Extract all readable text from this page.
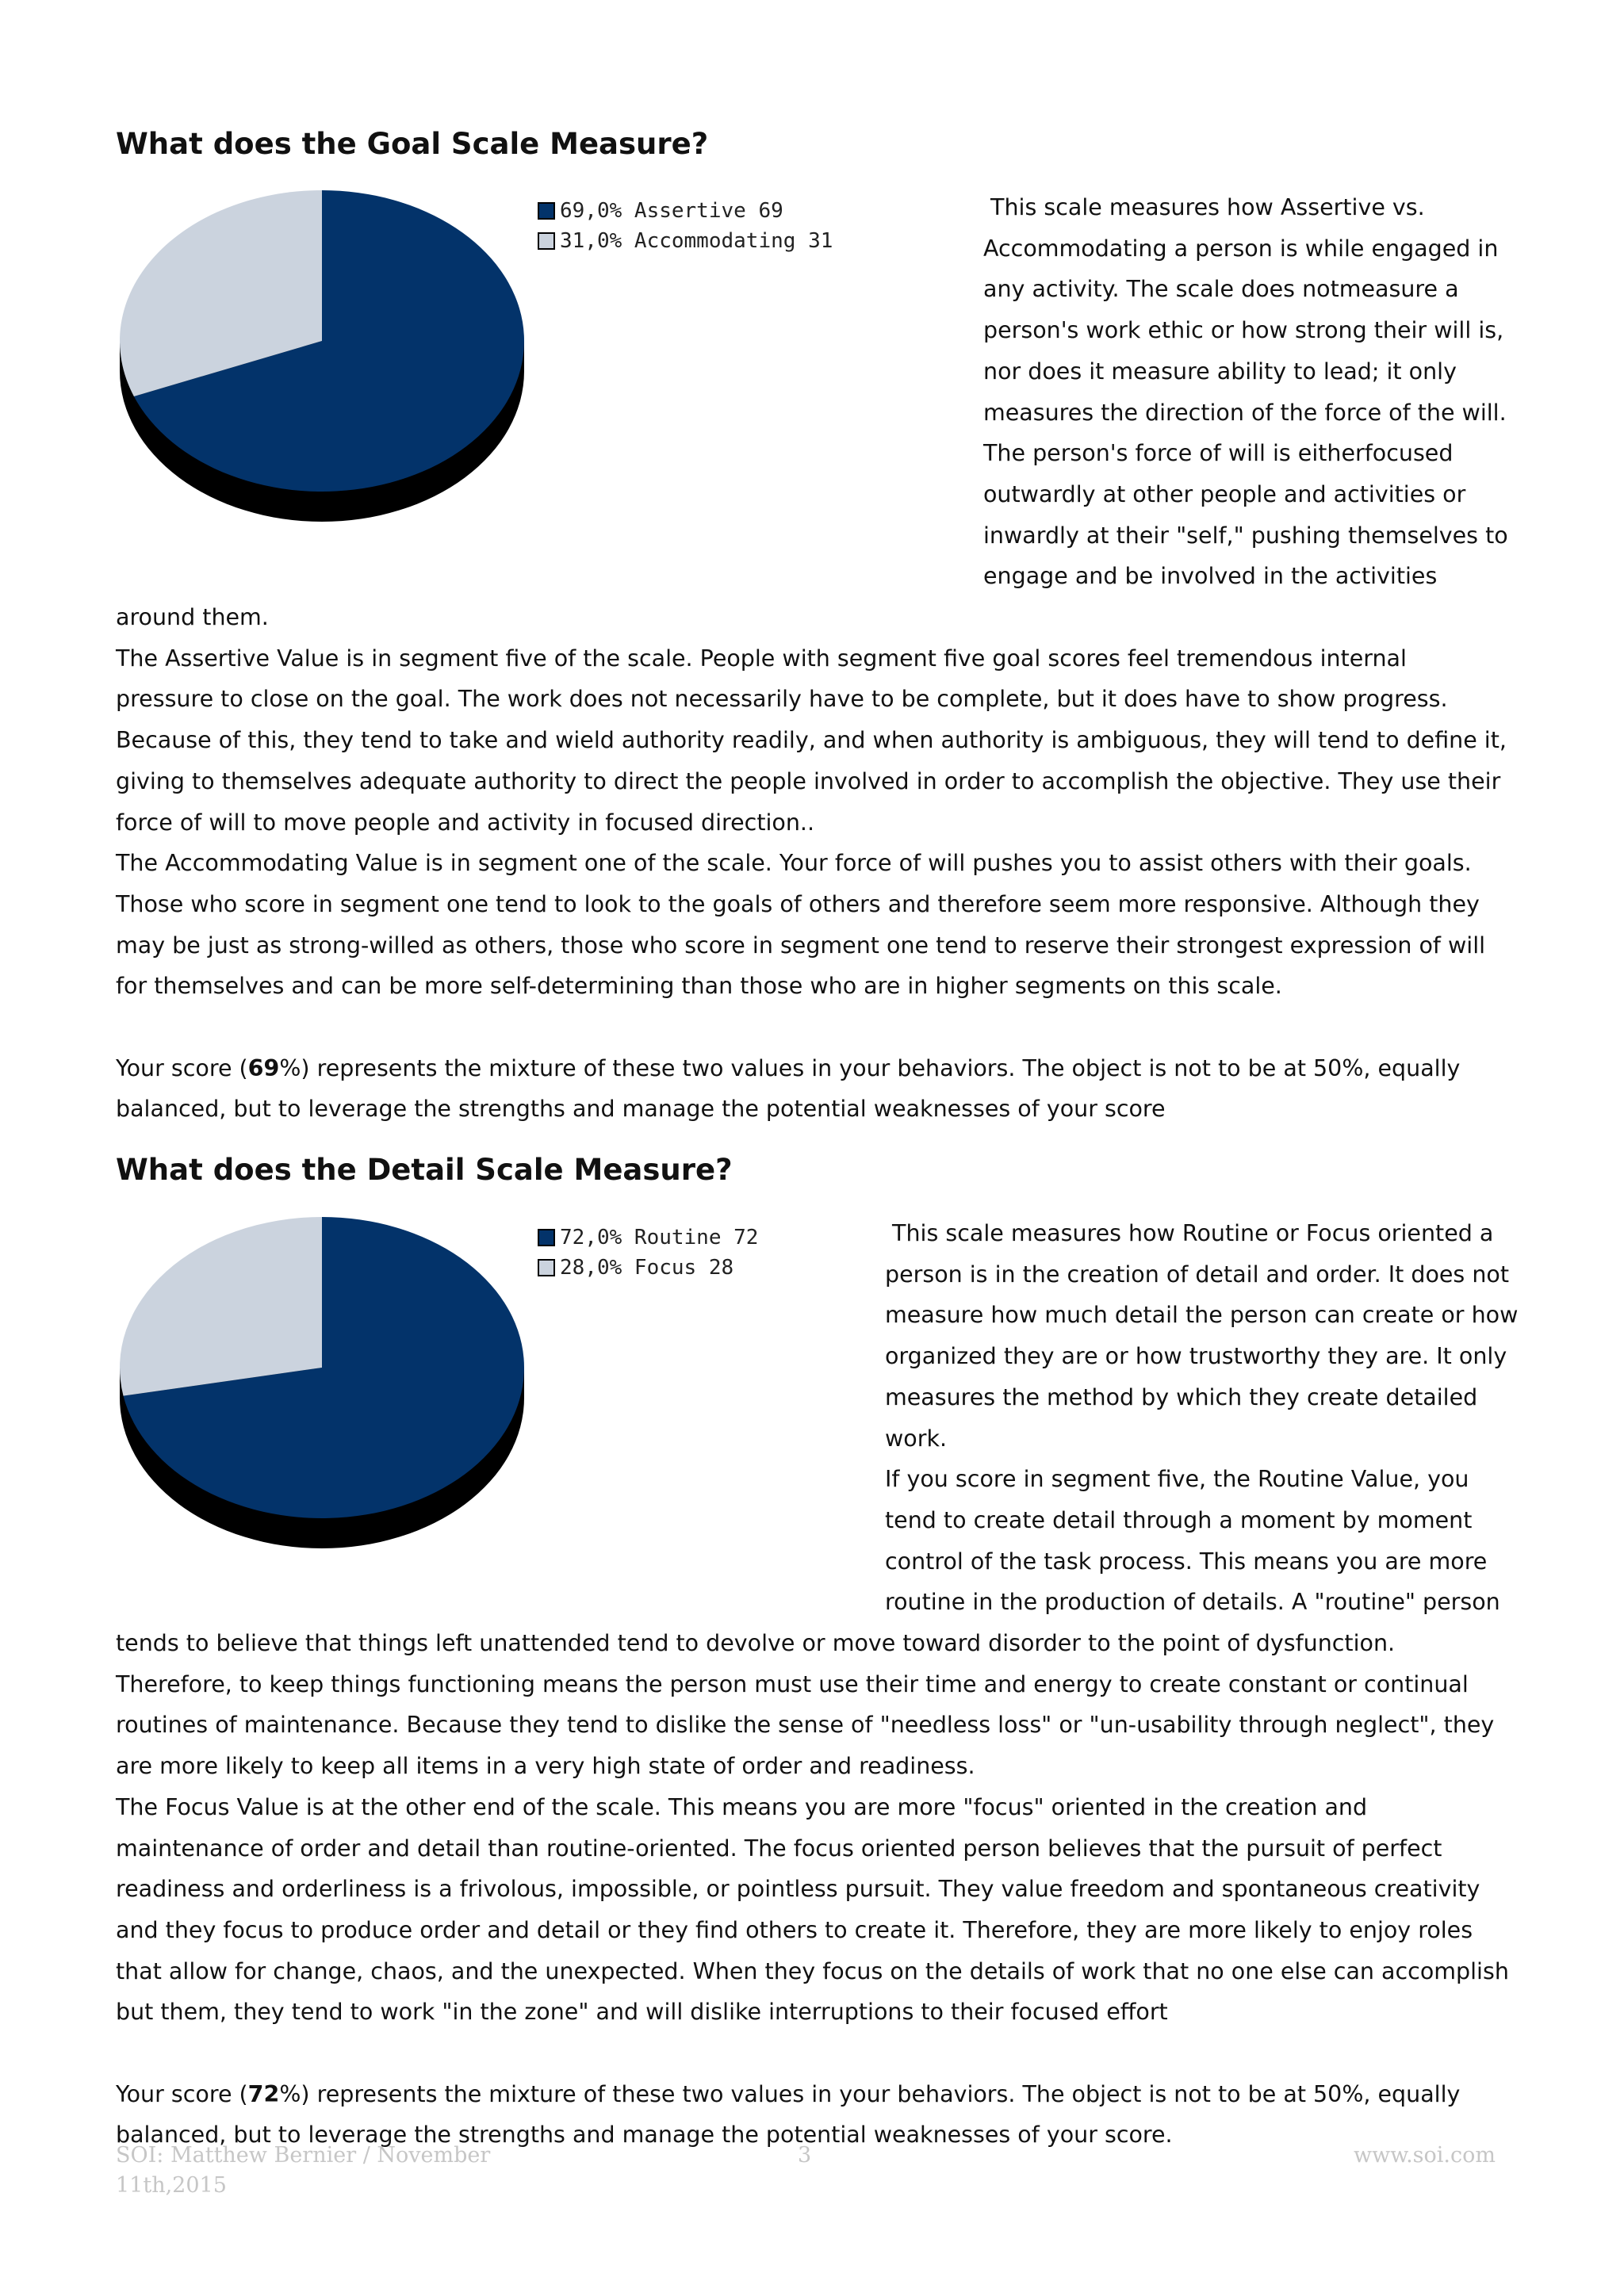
What does the Goal Scale Measure?
69,0% Assertive 69
31,0% Accommodating 31
This scale measures how Assertive vs.
Accommodating a person is while engaged in
any activity. The scale does notmeasure a
person's work ethic or how strong their will is,
nor does it measure ability to lead; it only
measures the direction of the force of the will.
The person's force of will is eitherfocused
outwardly at other people and activities or
inwardly at their "self," pushing themselves to
engage and be involved in the activities

around them.

The Assertive Value is in segment five of the scale. People with segment five goal scores feel tremendous internal pressure to close on the goal. The work does not necessarily have to be complete, but it does have to show progress. Because of this, they tend to take and wield authority readily, and when authority is ambiguous, they will tend to define it, giving to themselves adequate authority to direct the people involved in order to accomplish the objective. They use their force of will to move people and activity in focused direction..

The Accommodating Value is in segment one of the scale. Your force of will pushes you to assist others with their goals. Those who score in segment one tend to look to the goals of others and therefore seem more responsive. Although they may be just as strong-willed as others, those who score in segment one tend to reserve their strongest expression of will for themselves and can be more self-determining than those who are in higher segments on this scale.

Your score (69%) represents the mixture of these two values in your behaviors. The object is not to be at 50%, equally balanced, but to leverage the strengths and manage the potential weaknesses of your score

What does the Detail Scale Measure?
72,0% Routine 72
28,0% Focus 28
This scale measures how Routine or Focus oriented a
person is in the creation of detail and order. It does not
measure how much detail the person can create or how
organized they are or how trustworthy they are. It only
measures the method by which they create detailed
work.
If you score in segment five, the Routine Value, you
tend to create detail through a moment by moment
control of the task process. This means you are more
routine in the production of details. A "routine" person

tends to believe that things left unattended tend to devolve or move toward disorder to the point of dysfunction. Therefore, to keep things functioning means the person must use their time and energy to create constant or continual routines of maintenance. Because they tend to dislike the sense of "needless loss" or "un-usability through neglect", they are more likely to keep all items in a very high state of order and readiness.

The Focus Value is at the other end of the scale. This means you are more "focus" oriented in the creation and maintenance of order and detail than routine-oriented. The focus oriented person believes that the pursuit of perfect readiness and orderliness is a frivolous, impossible, or pointless pursuit. They value freedom and spontaneous creativity and they focus to produce order and detail or they find others to create it. Therefore, they are more likely to enjoy roles that allow for change, chaos, and the unexpected. When they focus on the details of work that no one else can accomplish but them, they tend to work "in the zone" and will dislike interruptions to their focused effort

Your score (72%) represents the mixture of these two values in your behaviors. The object is not to be at 50%, equally balanced, but to leverage the strengths and manage the potential weaknesses of your score.

SOI: Matthew Bernier / November
11th,2015
3	www.soi.com
